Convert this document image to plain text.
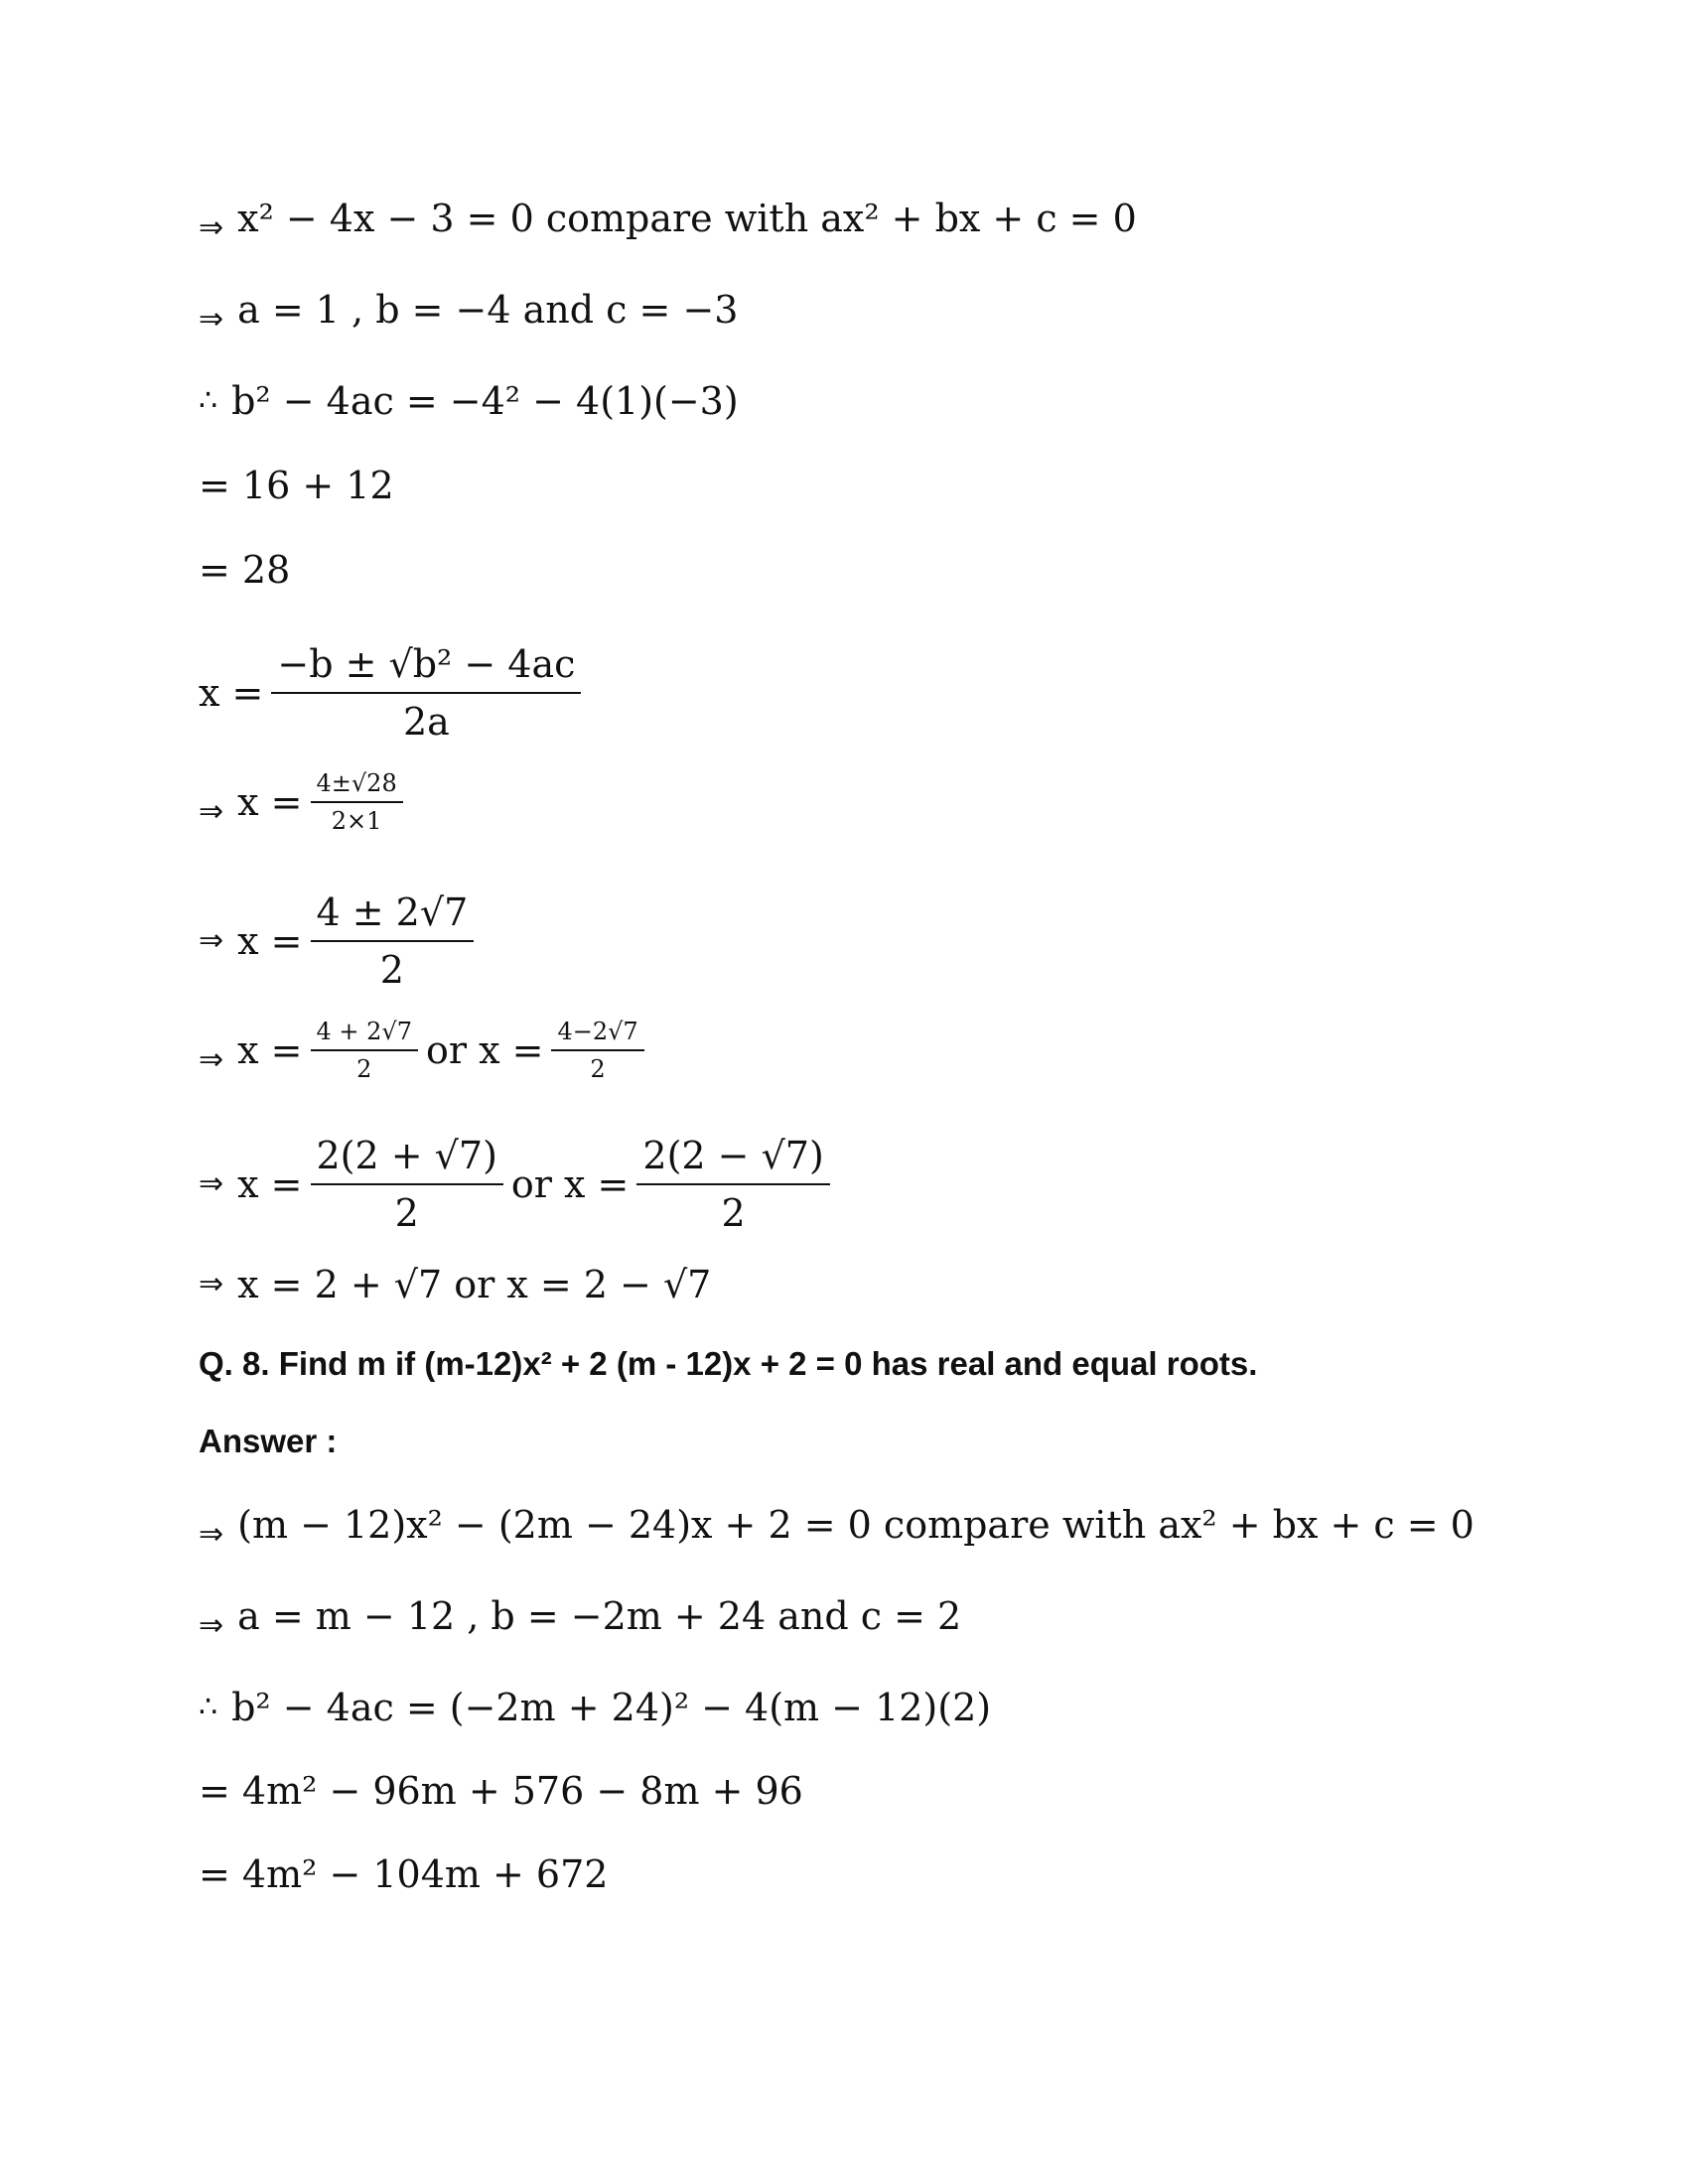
⇒ x² − 4x − 3 = 0 compare with ax² + bx + c = 0
⇒ a = 1 , b = −4 and c = −3
∴ b² − 4ac = −4² − 4(1)(−3)
= 16 + 12
= 28
$x = \frac{\text{−b ± √b² − 4ac}}{2a}$
⇒ $x = \frac{4\pm√28}{2\times 1}$
⇒ $x = \frac{4 \pm 2√7}{2}$
⇒ $x = \frac{4 + 2√7}{2}$ or $x = \frac{4-2√7}{2}$
⇒ $x = \frac{2(2 + √7)}{2}$ or $x = \frac{2(2 - √7)}{2}$
⇒ x = 2 + √7 or x = 2 − √7
Q. 8. Find m if (m-12)x² + 2 (m - 12)x + 2 = 0 has real and equal roots.
Answer :
⇒ (m − 12)x² − (2m − 24)x + 2 = 0 compare with ax² + bx + c = 0
⇒ a = m − 12 , b = −2m + 24 and c = 2
∴ b² − 4ac = (−2m + 24)² − 4(m − 12)(2)
= 4m² − 96m + 576 − 8m + 96
= 4m² − 104m + 672
